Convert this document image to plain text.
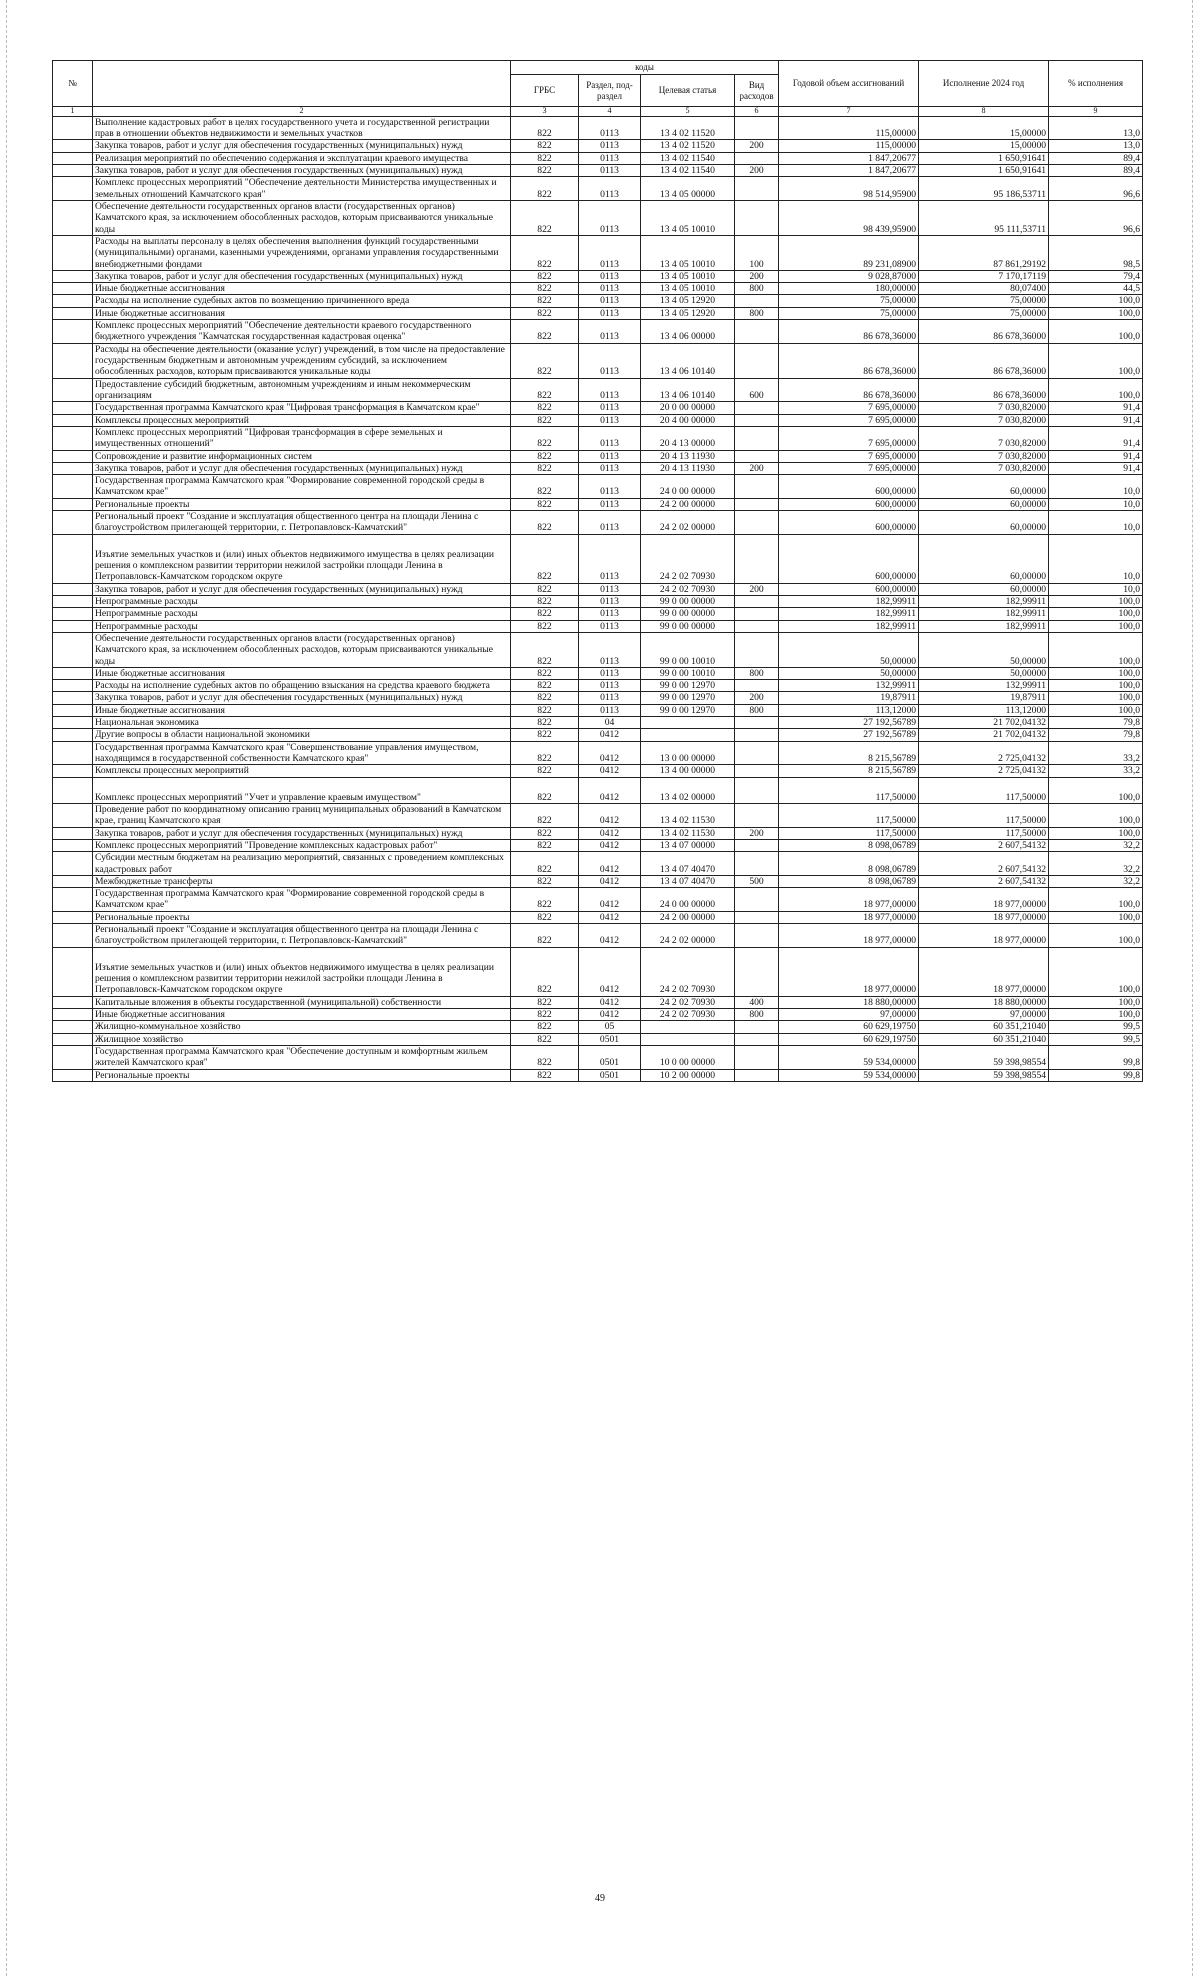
№		коды				Годовой объем ассигнований	Исполнение 2024 год	% исполнения
		ГРБС	Раздел, под-раздел	Целевая статья	Вид расходов			
1	2	3	4	5	6	7	8	9
	Выполнение кадастровых работ в целях государственного учета и государственной регистрации прав в отношении объектов недвижимости и земельных участков	822	0113	13 4 02 11520		115,00000	15,00000	13,0
	Закупка товаров, работ и услуг для обеспечения государственных (муниципальных) нужд	822	0113	13 4 02 11520	200	115,00000	15,00000	13,0
	Реализация мероприятий по обеспечению содержания и эксплуатации краевого имущества	822	0113	13 4 02 11540		1 847,20677	1 650,91641	89,4
	Закупка товаров, работ и услуг для обеспечения государственных (муниципальных) нужд	822	0113	13 4 02 11540	200	1 847,20677	1 650,91641	89,4
	Комплекс процессных мероприятий "Обеспечение деятельности Министерства имущественных и земельных отношений Камчатского края"	822	0113	13 4 05 00000		98 514,95900	95 186,53711	96,6
	Обеспечение деятельности государственных органов власти (государственных органов) Камчатского края, за исключением обособленных расходов, которым присваиваются уникальные коды	822	0113	13 4 05 10010		98 439,95900	95 111,53711	96,6
	Расходы на выплаты персоналу в целях обеспечения выполнения функций государственными (муниципальными) органами, казенными учреждениями, органами управления государственными внебюджетными фондами	822	0113	13 4 05 10010	100	89 231,08900	87 861,29192	98,5
	Закупка товаров, работ и услуг для обеспечения государственных (муниципальных) нужд	822	0113	13 4 05 10010	200	9 028,87000	7 170,17119	79,4
	Иные бюджетные ассигнования	822	0113	13 4 05 10010	800	180,00000	80,07400	44,5
	Расходы на исполнение судебных актов по возмещению причиненного вреда	822	0113	13 4 05 12920		75,00000	75,00000	100,0
	Иные бюджетные ассигнования	822	0113	13 4 05 12920	800	75,00000	75,00000	100,0
	Комплекс процессных мероприятий "Обеспечение деятельности краевого государственного бюджетного учреждения "Камчатская государственная кадастровая оценка"	822	0113	13 4 06 00000		86 678,36000	86 678,36000	100,0
	Расходы на обеспечение деятельности (оказание услуг) учреждений, в том числе на предоставление государственным бюджетным и автономным учреждениям субсидий, за исключением обособленных расходов, которым присваиваются уникальные коды	822	0113	13 4 06 10140		86 678,36000	86 678,36000	100,0
	Предоставление субсидий бюджетным, автономным учреждениям и иным некоммерческим организациям	822	0113	13 4 06 10140	600	86 678,36000	86 678,36000	100,0
	Государственная программа Камчатского края "Цифровая трансформация в Камчатском крае"	822	0113	20 0 00 00000		7 695,00000	7 030,82000	91,4
	Комплексы процессных мероприятий	822	0113	20 4 00 00000		7 695,00000	7 030,82000	91,4
	Комплекс процессных мероприятий "Цифровая трансформация в сфере земельных и имущественных отношений"	822	0113	20 4 13 00000		7 695,00000	7 030,82000	91,4
	Сопровождение и развитие информационных систем	822	0113	20 4 13 11930		7 695,00000	7 030,82000	91,4
	Закупка товаров, работ и услуг для обеспечения государственных (муниципальных) нужд	822	0113	20 4 13 11930	200	7 695,00000	7 030,82000	91,4
	Государственная программа Камчатского края "Формирование современной городской среды в Камчатском крае"	822	0113	24 0 00 00000		600,00000	60,00000	10,0
	Региональные проекты	822	0113	24 2 00 00000		600,00000	60,00000	10,0
	Региональный проект "Создание и эксплуатация общественного центра на площади Ленина с благоустройством прилегающей территории, г. Петропавловск-Камчатский"	822	0113	24 2 02 00000		600,00000	60,00000	10,0
	Изъятие земельных участков и (или) иных объектов недвижимого имущества в целях реализации решения о комплексном развитии территории нежилой застройки площади Ленина в Петропавловск-Камчатском городском округе	822	0113	24 2 02 70930		600,00000	60,00000	10,0
	Закупка товаров, работ и услуг для обеспечения государственных (муниципальных) нужд	822	0113	24 2 02 70930	200	600,00000	60,00000	10,0
	Непрограммные расходы	822	0113	99 0 00 00000		182,99911	182,99911	100,0
	Непрограммные расходы	822	0113	99 0 00 00000		182,99911	182,99911	100,0
	Непрограммные расходы	822	0113	99 0 00 00000		182,99911	182,99911	100,0
	Обеспечение деятельности государственных органов власти (государственных органов) Камчатского края, за исключением обособленных расходов, которым присваиваются уникальные коды	822	0113	99 0 00 10010		50,00000	50,00000	100,0
	Иные бюджетные ассигнования	822	0113	99 0 00 10010	800	50,00000	50,00000	100,0
	Расходы на исполнение судебных актов по обращению взыскания на средства краевого бюджета	822	0113	99 0 00 12970		132,99911	132,99911	100,0
	Закупка товаров, работ и услуг для обеспечения государственных (муниципальных) нужд	822	0113	99 0 00 12970	200	19,87911	19,87911	100,0
	Иные бюджетные ассигнования	822	0113	99 0 00 12970	800	113,12000	113,12000	100,0
	Национальная экономика	822	04			27 192,56789	21 702,04132	79,8
	Другие вопросы в области национальной экономики	822	0412			27 192,56789	21 702,04132	79,8
	Государственная программа Камчатского края "Совершенствование управления имуществом, находящимся в государственной собственности Камчатского края"	822	0412	13 0 00 00000		8 215,56789	2 725,04132	33,2
	Комплексы процессных мероприятий	822	0412	13 4 00 00000		8 215,56789	2 725,04132	33,2
	Комплекс процессных мероприятий "Учет и управление краевым имуществом"	822	0412	13 4 02 00000		117,50000	117,50000	100,0
	Проведение работ по координатному описанию границ муниципальных образований в Камчатском крае, границ Камчатского края	822	0412	13 4 02 11530		117,50000	117,50000	100,0
	Закупка товаров, работ и услуг для обеспечения государственных (муниципальных) нужд	822	0412	13 4 02 11530	200	117,50000	117,50000	100,0
	Комплекс процессных мероприятий "Проведение комплексных кадастровых работ"	822	0412	13 4 07 00000		8 098,06789	2 607,54132	32,2
	Субсидии местным бюджетам на реализацию мероприятий, связанных с проведением комплексных кадастровых работ	822	0412	13 4 07 40470		8 098,06789	2 607,54132	32,2
	Межбюджетные трансферты	822	0412	13 4 07 40470	500	8 098,06789	2 607,54132	32,2
	Государственная программа Камчатского края "Формирование современной городской среды в Камчатском крае"	822	0412	24 0 00 00000		18 977,00000	18 977,00000	100,0
	Региональные проекты	822	0412	24 2 00 00000		18 977,00000	18 977,00000	100,0
	Региональный проект "Создание и эксплуатация общественного центра на площади Ленина с благоустройством прилегающей территории, г. Петропавловск-Камчатский"	822	0412	24 2 02 00000		18 977,00000	18 977,00000	100,0
	Изъятие земельных участков и (или) иных объектов недвижимого имущества в целях реализации решения о комплексном развитии территории нежилой застройки площади Ленина в Петропавловск-Камчатском городском округе	822	0412	24 2 02 70930		18 977,00000	18 977,00000	100,0
	Капитальные вложения в объекты государственной (муниципальной) собственности	822	0412	24 2 02 70930	400	18 880,00000	18 880,00000	100,0
	Иные бюджетные ассигнования	822	0412	24 2 02 70930	800	97,00000	97,00000	100,0
	Жилищно-коммунальное хозяйство	822	05			60 629,19750	60 351,21040	99,5
	Жилищное хозяйство	822	0501			60 629,19750	60 351,21040	99,5
	Государственная программа Камчатского края "Обеспечение доступным и комфортным жильем жителей Камчатского края"	822	0501	10 0 00 00000		59 534,00000	59 398,98554	99,8
	Региональные проекты	822	0501	10 2 00 00000		59 534,00000	59 398,98554	99,8
49
